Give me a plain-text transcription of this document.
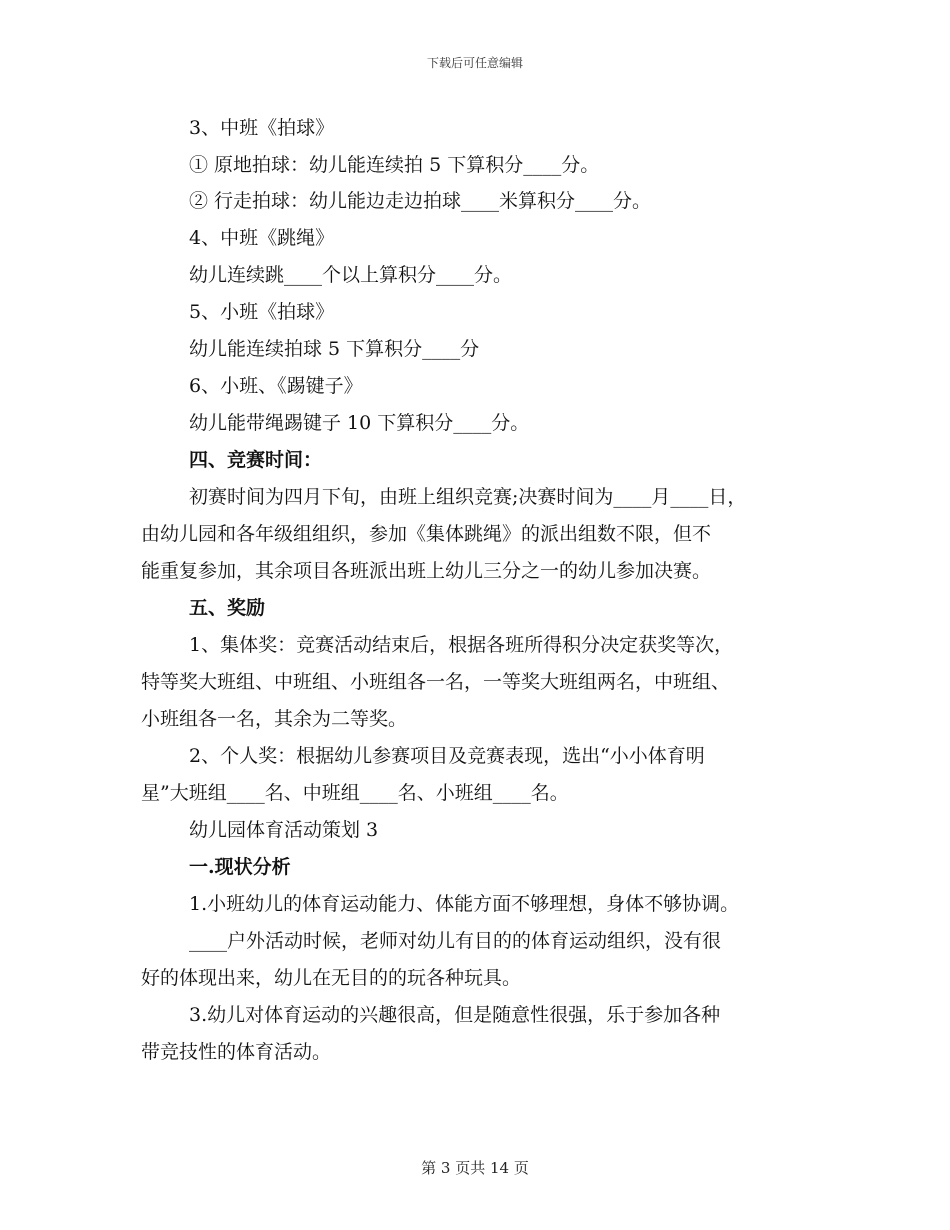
下载后可任意编辑
3、中班《拍球》
① 原地拍球：幼儿能连续拍 5 下算积分____分。
② 行走拍球：幼儿能边走边拍球____米算积分____分。
4、中班《跳绳》
幼儿连续跳____个以上算积分____分。
5、小班《拍球》
幼儿能连续拍球 5 下算积分____分
6、小班、《踢键子》
幼儿能带绳踢键子 10 下算积分____分。
四、竞赛时间：
初赛时间为四月下旬，由班上组织竞赛;决赛时间为____月____日，
由幼儿园和各年级组组织，参加《集体跳绳》的派出组数不限，但不
能重复参加，其余项目各班派出班上幼儿三分之一的幼儿参加决赛。
五、奖励
1、集体奖：竞赛活动结束后，根据各班所得积分决定获奖等次，
特等奖大班组、中班组、小班组各一名，一等奖大班组两名，中班组、
小班组各一名，其余为二等奖。
2、个人奖：根据幼儿参赛项目及竞赛表现，选出“小小体育明
星”大班组____名、中班组____名、小班组____名。
幼儿园体育活动策划 3
一.现状分析
1.小班幼儿的体育运动能力、体能方面不够理想，身体不够协调。
____户外活动时候，老师对幼儿有目的的体育运动组织，没有很
好的体现出来，幼儿在无目的的玩各种玩具。
3.幼儿对体育运动的兴趣很高，但是随意性很强，乐于参加各种
带竞技性的体育活动。
第 3 页共 14 页
